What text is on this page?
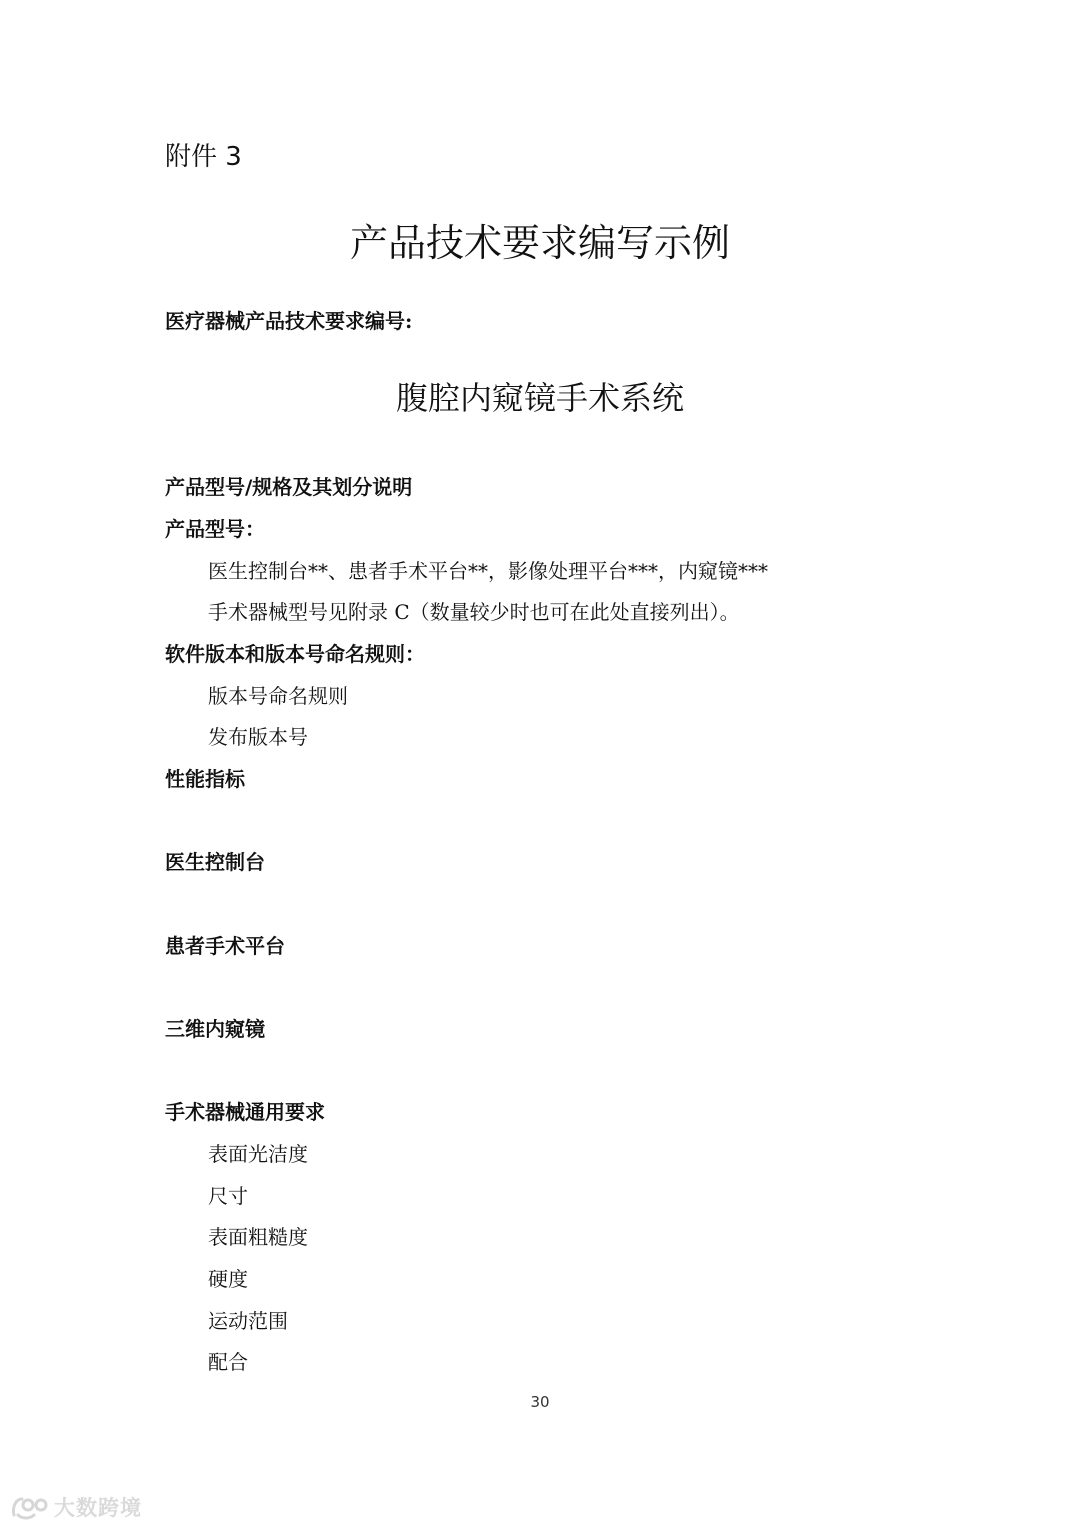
附件 3
产品技术要求编写示例
医疗器械产品技术要求编号:
腹腔内窥镜手术系统
产品型号/规格及其划分说明
产品型号：
医生控制台**、患者手术平台**，影像处理平台***，内窥镜***
手术器械型号见附录 C（数量较少时也可在此处直接列出）。
软件版本和版本号命名规则：
版本号命名规则
发布版本号
性能指标
医生控制台
患者手术平台
三维内窥镜
手术器械通用要求
表面光洁度
尺寸
表面粗糙度
硬度
运动范围
配合
30
大数跨境
